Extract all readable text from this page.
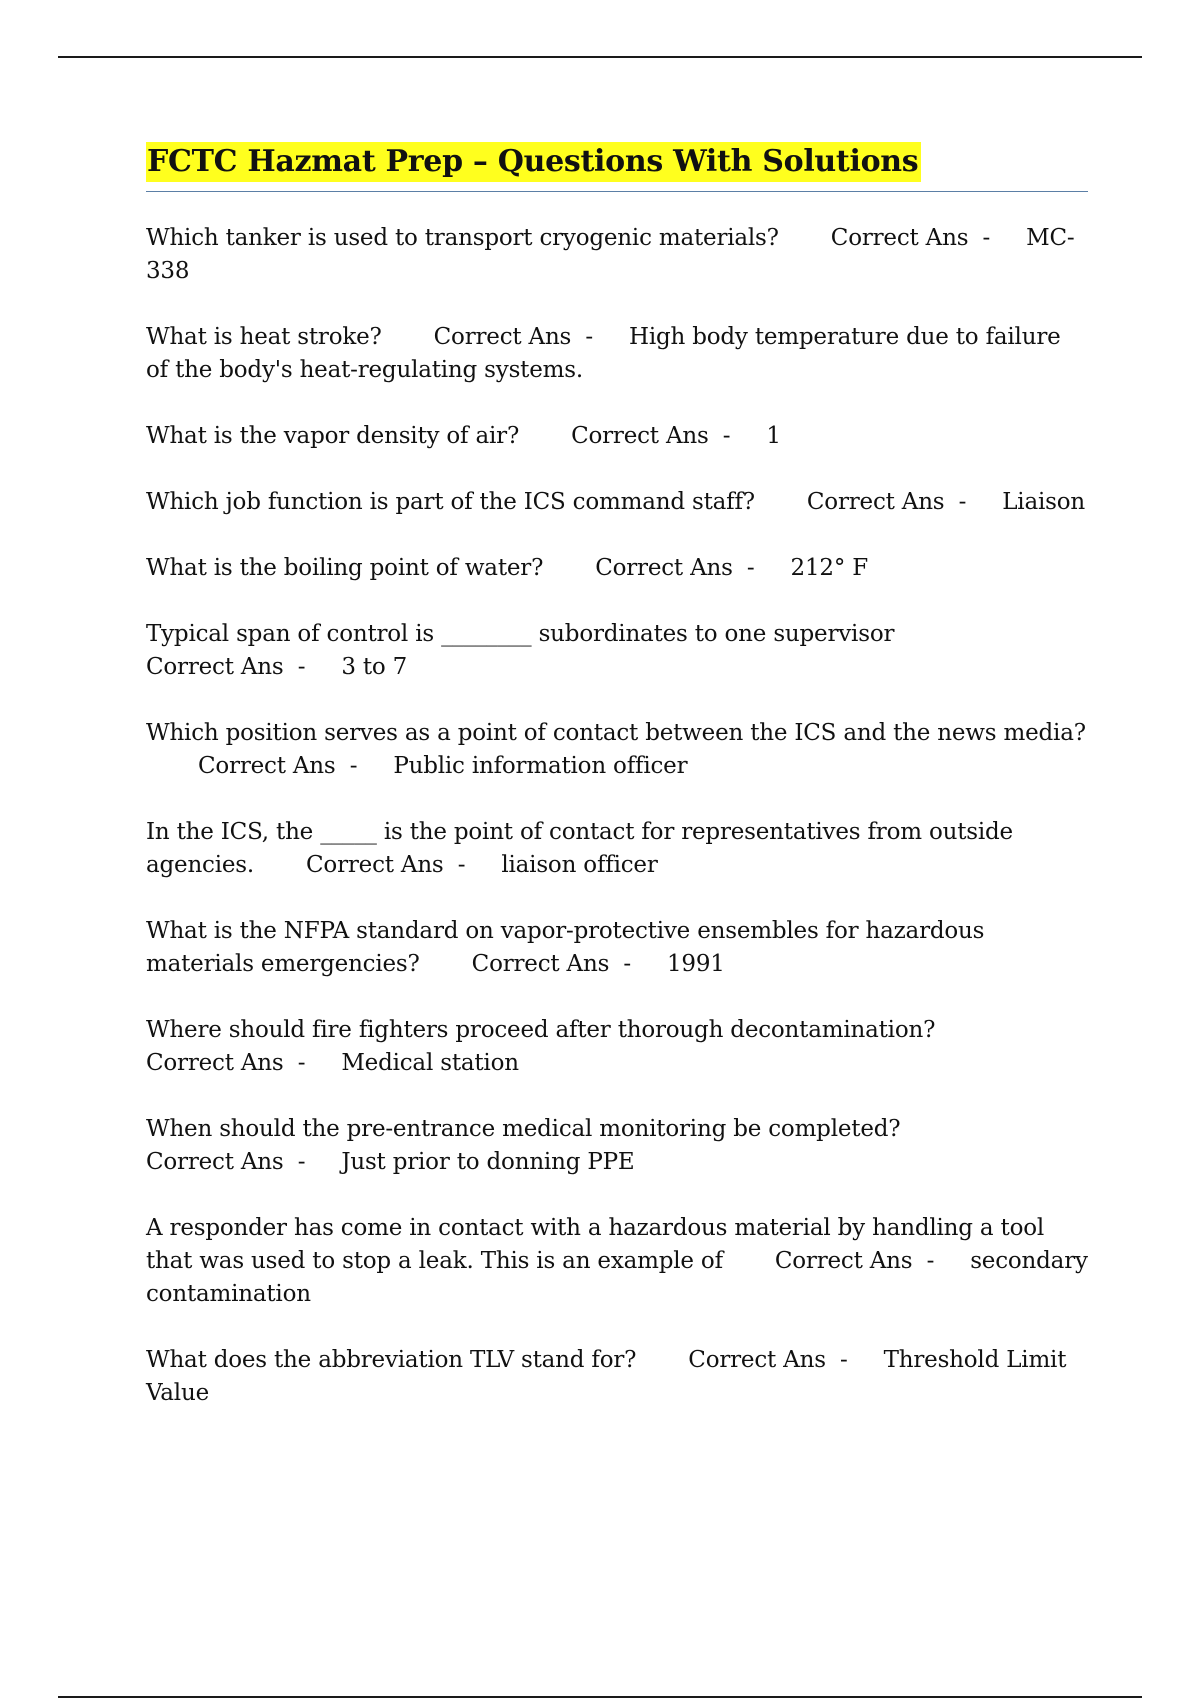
FCTC Hazmat Prep – Questions With Solutions

Which tanker is used to transport cryogenic materials? Correct Ans  - MC-338

What is heat stroke? Correct Ans  - High body temperature due to failure of the body's heat-regulating systems.

What is the vapor density of air? Correct Ans  - 1

Which job function is part of the ICS command staff? Correct Ans  - Liaison

What is the boiling point of water? Correct Ans  - 212° F

Typical span of control is ________ subordinates to one supervisorCorrect Ans  - 3 to 7

Which position serves as a point of contact between the ICS and the news media?Correct Ans  - Public information officer

In the ICS, the _____ is the point of contact for representatives from outside agencies. Correct Ans  - liaison officer

What is the NFPA standard on vapor-protective ensembles for hazardous materials emergencies? Correct Ans  - 1991

Where should fire fighters proceed after thorough decontamination?Correct Ans  - Medical station

When should the pre-entrance medical monitoring be completed?Correct Ans  - Just prior to donning PPE

A responder has come in contact with a hazardous material by handling a tool that was used to stop a leak. This is an example of Correct Ans  - secondary contamination

What does the abbreviation TLV stand for? Correct Ans  - Threshold Limit Value
